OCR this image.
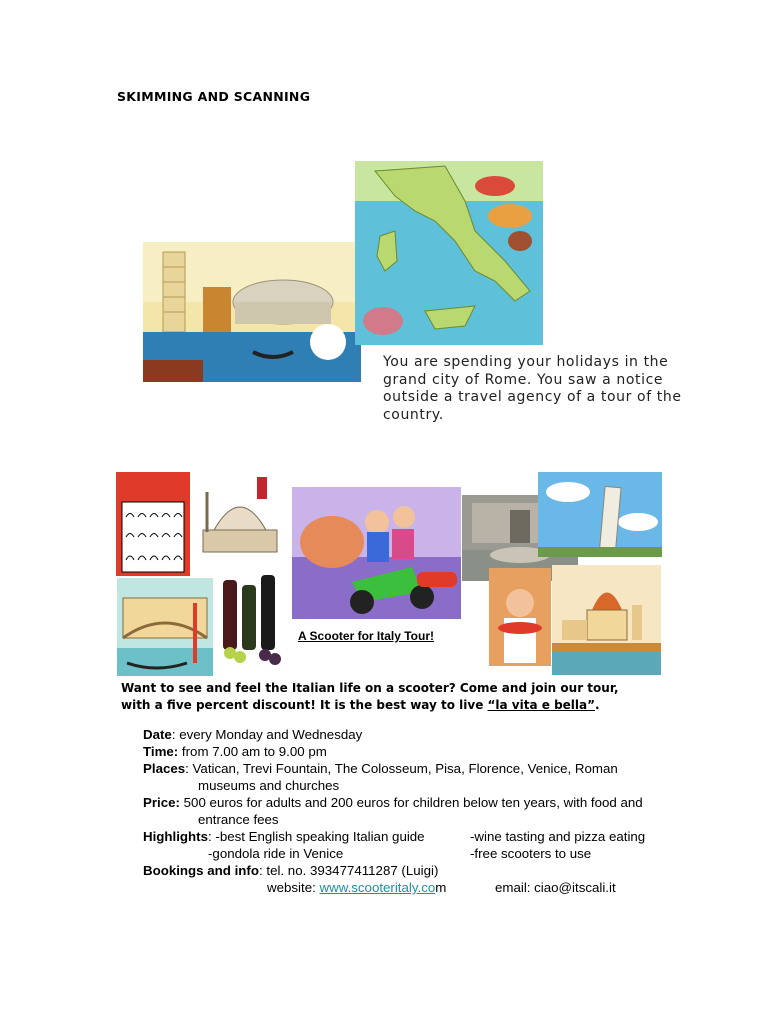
SKIMMING AND SCANNING
You are spending your holidays in the grand city of Rome. You saw a notice outside a travel agency of a tour of the country.
A Scooter for Italy Tour!
Want to see and feel the Italian life on a scooter? Come and join our tour, with a five percent discount! It is the best way to live “la vita e bella”.
Date: every Monday and Wednesday
Time: from 7.00 am to 9.00 pm
Places: Vatican, Trevi Fountain, The Colosseum, Pisa, Florence, Venice, Roman
museums and churches
Price: 500 euros for adults and 200 euros for children below ten years, with food and
entrance fees
Highlights: -best English speaking Italian guide	-wine tasting and pizza eating
-gondola ride in Venice	-free scooters to use
Bookings and info: tel. no. 393477411287 (Luigi)
website: www.scooteritaly.com	email: ciao@itscali.it
